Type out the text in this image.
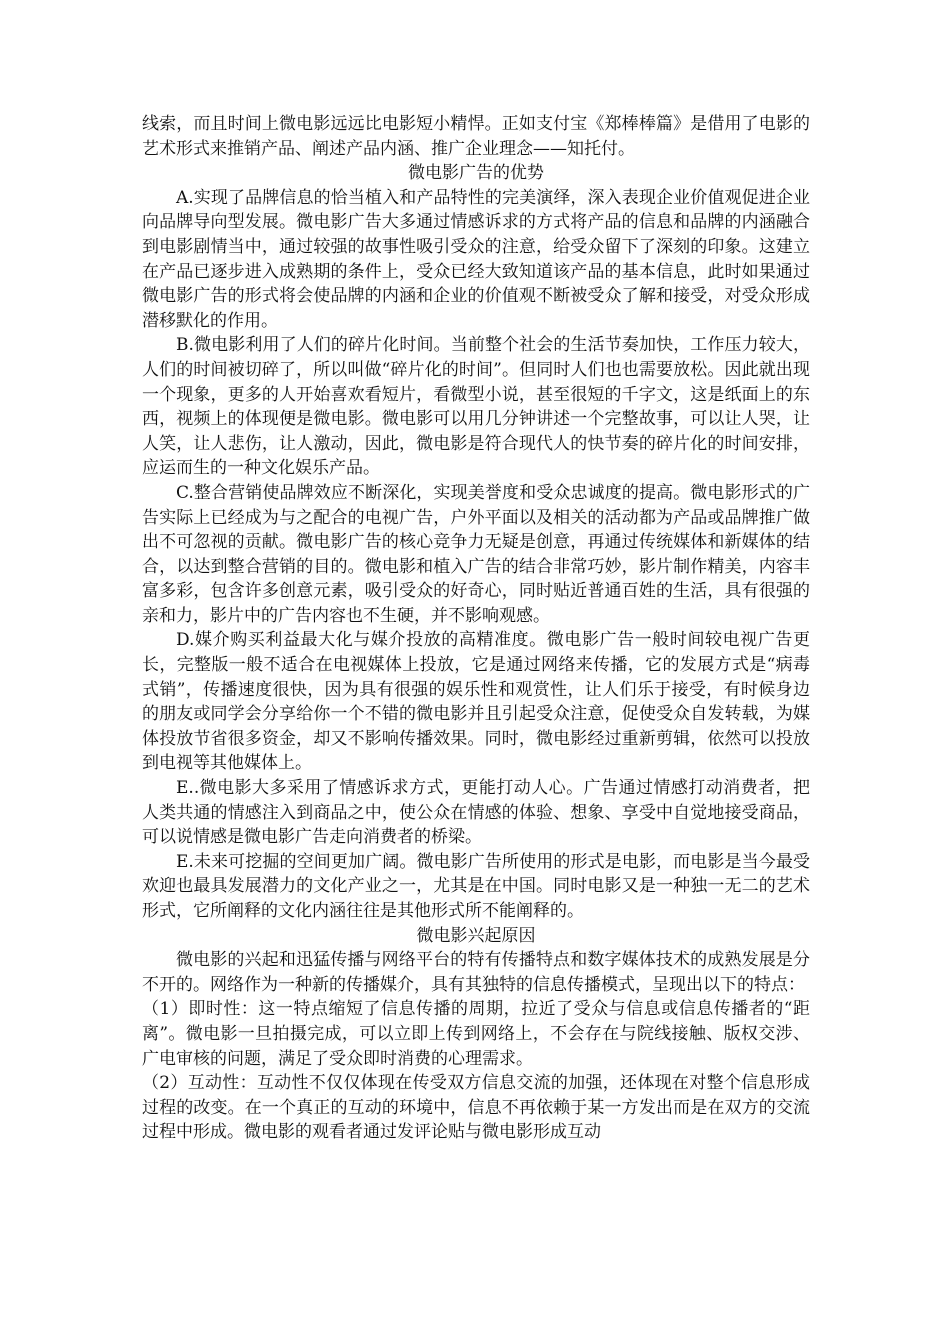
线索，而且时间上微电影远远比电影短小精悍。正如支付宝《郑棒棒篇》是借用了电影的艺术形式来推销产品、阐述产品内涵、推广企业理念——知托付。

微电影广告的优势

A.实现了品牌信息的恰当植入和产品特性的完美演绎，深入表现企业价值观促进企业向品牌导向型发展。微电影广告大多通过情感诉求的方式将产品的信息和品牌的内涵融合到电影剧情当中，通过较强的故事性吸引受众的注意，给受众留下了深刻的印象。这建立在产品已逐步进入成熟期的条件上，受众已经大致知道该产品的基本信息，此时如果通过微电影广告的形式将会使品牌的内涵和企业的价值观不断被受众了解和接受，对受众形成潜移默化的作用。

B.微电影利用了人们的碎片化时间。当前整个社会的生活节奏加快，工作压力较大，人们的时间被切碎了，所以叫做“碎片化的时间”。但同时人们也也需要放松。因此就出现一个现象，更多的人开始喜欢看短片，看微型小说，甚至很短的千字文，这是纸面上的东西，视频上的体现便是微电影。微电影可以用几分钟讲述一个完整故事，可以让人哭，让人笑，让人悲伤，让人激动，因此，微电影是符合现代人的快节奏的碎片化的时间安排，应运而生的一种文化娱乐产品。

C.整合营销使品牌效应不断深化，实现美誉度和受众忠诚度的提高。微电影形式的广告实际上已经成为与之配合的电视广告，户外平面以及相关的活动都为产品或品牌推广做出不可忽视的贡献。微电影广告的核心竞争力无疑是创意，再通过传统媒体和新媒体的结合，以达到整合营销的目的。微电影和植入广告的结合非常巧妙，影片制作精美，内容丰富多彩，包含许多创意元素，吸引受众的好奇心，同时贴近普通百姓的生活，具有很强的亲和力，影片中的广告内容也不生硬，并不影响观感。

D.媒介购买利益最大化与媒介投放的高精准度。微电影广告一般时间较电视广告更长，完整版一般不适合在电视媒体上投放，它是通过网络来传播，它的发展方式是“病毒式销”，传播速度很快，因为具有很强的娱乐性和观赏性，让人们乐于接受，有时候身边的朋友或同学会分享给你一个不错的微电影并且引起受众注意，促使受众自发转载，为媒体投放节省很多资金，却又不影响传播效果。同时，微电影经过重新剪辑，依然可以投放到电视等其他媒体上。

E..微电影大多采用了情感诉求方式，更能打动人心。广告通过情感打动消费者，把人类共通的情感注入到商品之中，使公众在情感的体验、想象、享受中自觉地接受商品，可以说情感是微电影广告走向消费者的桥梁。

E.未来可挖掘的空间更加广阔。微电影广告所使用的形式是电影，而电影是当今最受欢迎也最具发展潜力的文化产业之一，尤其是在中国。同时电影又是一种独一无二的艺术形式，它所阐释的文化内涵往往是其他形式所不能阐释的。

微电影兴起原因

微电影的兴起和迅猛传播与网络平台的特有传播特点和数字媒体技术的成熟发展是分不开的。网络作为一种新的传播媒介，具有其独特的信息传播模式，呈现出以下的特点：

（1）即时性：这一特点缩短了信息传播的周期，拉近了受众与信息或信息传播者的“距离”。微电影一旦拍摄完成，可以立即上传到网络上，不会存在与院线接触、版权交涉、广电审核的问题，满足了受众即时消费的心理需求。

（2）互动性：互动性不仅仅体现在传受双方信息交流的加强，还体现在对整个信息形成过程的改变。在一个真正的互动的环境中，信息不再依赖于某一方发出而是在双方的交流过程中形成。微电影的观看者通过发评论贴与微电影形成互动
